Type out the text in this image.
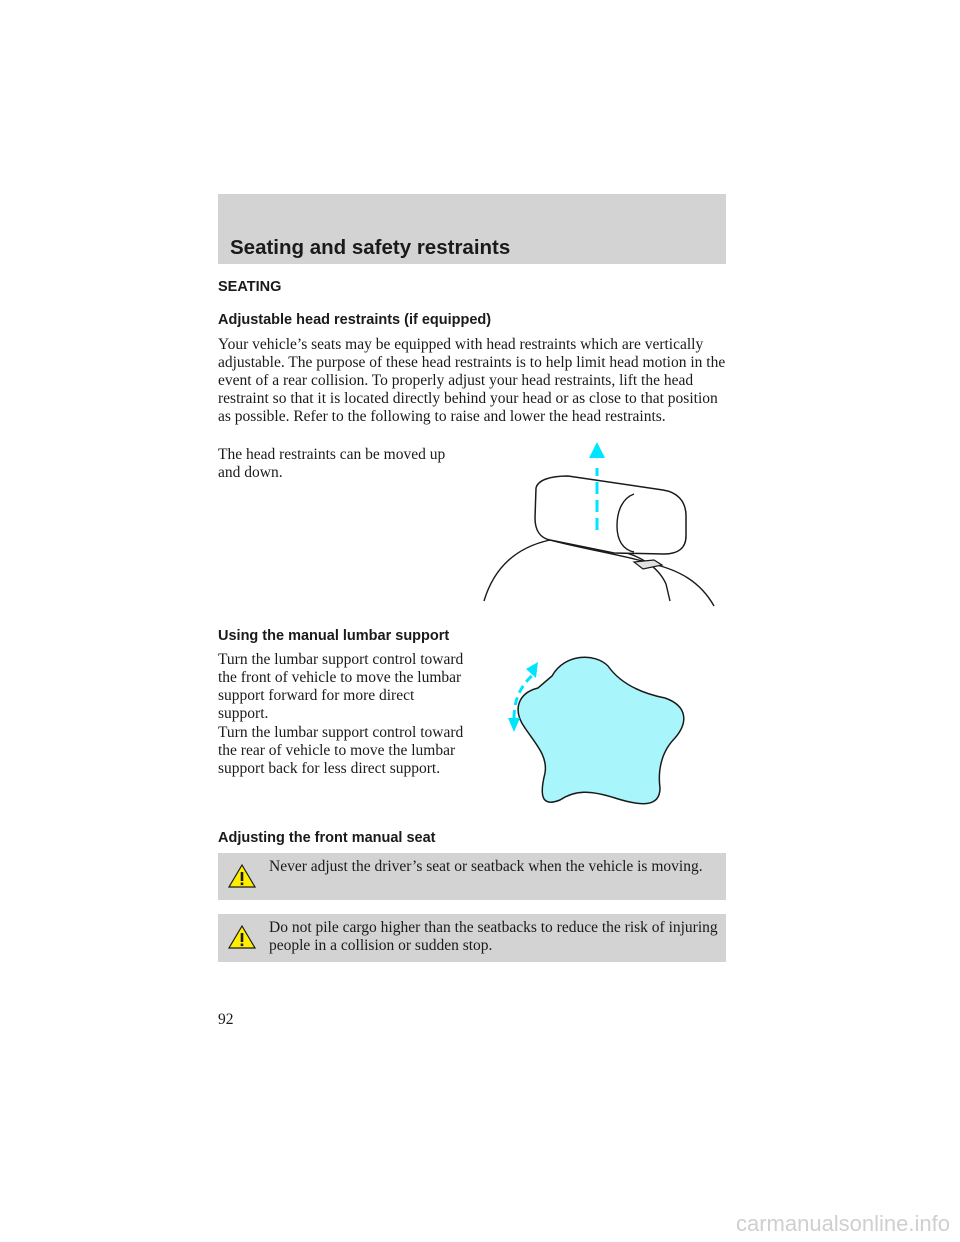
Seating and safety restraints
SEATING
Adjustable head restraints (if equipped)

Your vehicle’s seats may be equipped with head restraints which are vertically adjustable. The purpose of these head restraints is to help limit head motion in the event of a rear collision. To properly adjust your head restraints, lift the head restraint so that it is located directly behind your head or as close to that position as possible. Refer to the following to raise and lower the head restraints.

The head restraints can be moved up and down.

Using the manual lumbar support

Turn the lumbar support control toward the front of vehicle to move the lumbar support forward for more direct support.

Turn the lumbar support control toward the rear of vehicle to move the lumbar support back for less direct support.

Adjusting the front manual seat
Never adjust the driver’s seat or seatback when the vehicle is moving.
Do not pile cargo higher than the seatbacks to reduce the risk of injuring people in a collision or sudden stop.
92
carmanualsonline.info
